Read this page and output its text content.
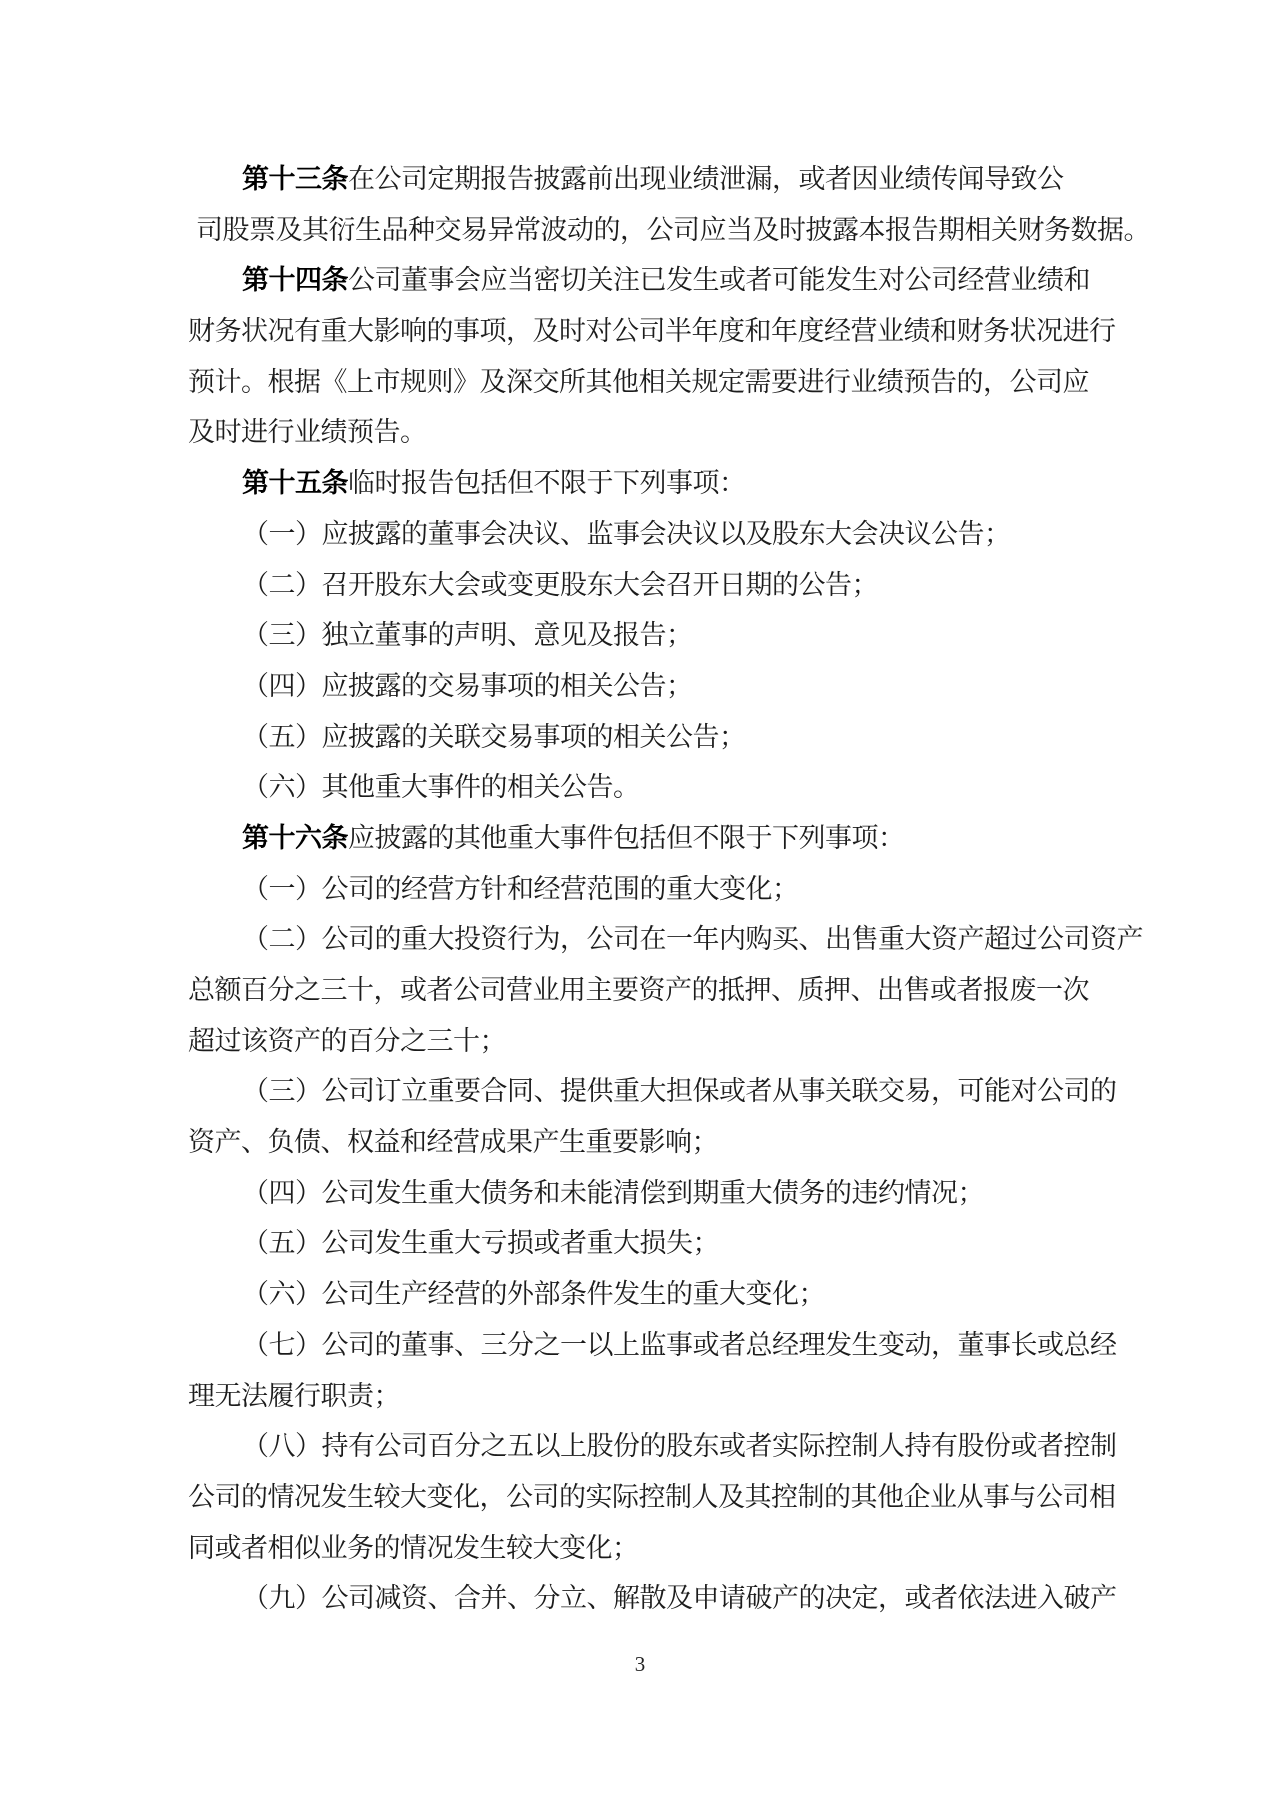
第十三条在公司定期报告披露前出现业绩泄漏，或者因业绩传闻导致公
司股票及其衍生品种交易异常波动的，公司应当及时披露本报告期相关财务数据。
第十四条公司董事会应当密切关注已发生或者可能发生对公司经营业绩和
财务状况有重大影响的事项，及时对公司半年度和年度经营业绩和财务状况进行
预计。根据《上市规则》及深交所其他相关规定需要进行业绩预告的，公司应
及时进行业绩预告。
第十五条临时报告包括但不限于下列事项：
（一）应披露的董事会决议、监事会决议以及股东大会决议公告；
（二）召开股东大会或变更股东大会召开日期的公告；
（三）独立董事的声明、意见及报告；
（四）应披露的交易事项的相关公告；
（五）应披露的关联交易事项的相关公告；
（六）其他重大事件的相关公告。
第十六条应披露的其他重大事件包括但不限于下列事项：
（一）公司的经营方针和经营范围的重大变化；
（二）公司的重大投资行为，公司在一年内购买、出售重大资产超过公司资产
总额百分之三十，或者公司营业用主要资产的抵押、质押、出售或者报废一次
超过该资产的百分之三十；
（三）公司订立重要合同、提供重大担保或者从事关联交易，可能对公司的
资产、负债、权益和经营成果产生重要影响；
（四）公司发生重大债务和未能清偿到期重大债务的违约情况；
（五）公司发生重大亏损或者重大损失；
（六）公司生产经营的外部条件发生的重大变化；
（七）公司的董事、三分之一以上监事或者总经理发生变动，董事长或总经
理无法履行职责；
（八）持有公司百分之五以上股份的股东或者实际控制人持有股份或者控制
公司的情况发生较大变化，公司的实际控制人及其控制的其他企业从事与公司相
同或者相似业务的情况发生较大变化；
（九）公司减资、合并、分立、解散及申请破产的决定，或者依法进入破产
3
